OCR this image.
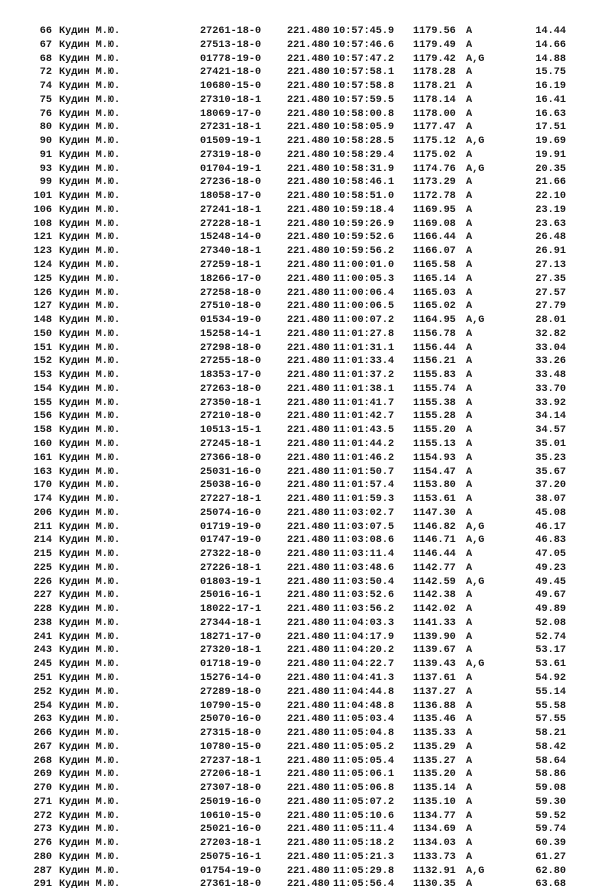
66 Кудин М.Ю.	27261-18-0	221.480 10:57:45.9 1179.56 A	14.44
67 Кудин М.Ю.	27513-18-0	221.480 10:57:46.6 1179.49 A	14.66
68 Кудин М.Ю.	01778-19-0	221.480 10:57:47.2 1179.42 A,G	14.88
72 Кудин М.Ю.	27421-18-0	221.480 10:57:58.1 1178.28 A	15.75
74 Кудин М.Ю.	10680-15-0	221.480 10:57:58.8 1178.21 A	16.19
75 Кудин М.Ю.	27310-18-1	221.480 10:57:59.5 1178.14 A	16.41
76 Кудин М.Ю.	18069-17-0	221.480 10:58:00.8 1178.00 A	16.63
80 Кудин М.Ю.	27231-18-1	221.480 10:58:05.9 1177.47 A	17.51
90 Кудин М.Ю.	01509-19-1	221.480 10:58:28.5 1175.12 A,G	19.69
91 Кудин М.Ю.	27319-18-0	221.480 10:58:29.4 1175.02 A	19.91
93 Кудин М.Ю.	01704-19-1	221.480 10:58:31.9 1174.76 A,G	20.35
99 Кудин М.Ю.	27236-18-0	221.480 10:58:46.1 1173.29 A	21.66
101 Кудин М.Ю.	18058-17-0	221.480 10:58:51.0 1172.78 A	22.10
106 Кудин М.Ю.	27241-18-1	221.480 10:59:18.4 1169.95 A	23.19
108 Кудин М.Ю.	27228-18-1	221.480 10:59:26.9 1169.08 A	23.63
121 Кудин М.Ю.	15248-14-0	221.480 10:59:52.6 1166.44 A	26.48
123 Кудин М.Ю.	27340-18-1	221.480 10:59:56.2 1166.07 A	26.91
124 Кудин М.Ю.	27259-18-1	221.480 11:00:01.0 1165.58 A	27.13
125 Кудин М.Ю.	18266-17-0	221.480 11:00:05.3 1165.14 A	27.35
126 Кудин М.Ю.	27258-18-0	221.480 11:00:06.4 1165.03 A	27.57
127 Кудин М.Ю.	27510-18-0	221.480 11:00:06.5 1165.02 A	27.79
148 Кудин М.Ю.	01534-19-0	221.480 11:00:07.2 1164.95 A,G	28.01
150 Кудин М.Ю.	15258-14-1	221.480 11:01:27.8 1156.78 A	32.82
151 Кудин М.Ю.	27298-18-0	221.480 11:01:31.1 1156.44 A	33.04
152 Кудин М.Ю.	27255-18-0	221.480 11:01:33.4 1156.21 A	33.26
153 Кудин М.Ю.	18353-17-0	221.480 11:01:37.2 1155.83 A	33.48
154 Кудин М.Ю.	27263-18-0	221.480 11:01:38.1 1155.74 A	33.70
155 Кудин М.Ю.	27350-18-1	221.480 11:01:41.7 1155.38 A	33.92
156 Кудин М.Ю.	27210-18-0	221.480 11:01:42.7 1155.28 A	34.14
158 Кудин М.Ю.	10513-15-1	221.480 11:01:43.5 1155.20 A	34.57
160 Кудин М.Ю.	27245-18-1	221.480 11:01:44.2 1155.13 A	35.01
161 Кудин М.Ю.	27366-18-0	221.480 11:01:46.2 1154.93 A	35.23
163 Кудин М.Ю.	25031-16-0	221.480 11:01:50.7 1154.47 A	35.67
170 Кудин М.Ю.	25038-16-0	221.480 11:01:57.4 1153.80 A	37.20
174 Кудин М.Ю.	27227-18-1	221.480 11:01:59.3 1153.61 A	38.07
206 Кудин М.Ю.	25074-16-0	221.480 11:03:02.7 1147.30 A	45.08
211 Кудин М.Ю.	01719-19-0	221.480 11:03:07.5 1146.82 A,G	46.17
214 Кудин М.Ю.	01747-19-0	221.480 11:03:08.6 1146.71 A,G	46.83
215 Кудин М.Ю.	27322-18-0	221.480 11:03:11.4 1146.44 A	47.05
225 Кудин М.Ю.	27226-18-1	221.480 11:03:48.6 1142.77 A	49.23
226 Кудин М.Ю.	01803-19-1	221.480 11:03:50.4 1142.59 A,G	49.45
227 Кудин М.Ю.	25016-16-1	221.480 11:03:52.6 1142.38 A	49.67
228 Кудин М.Ю.	18022-17-1	221.480 11:03:56.2 1142.02 A	49.89
238 Кудин М.Ю.	27344-18-1	221.480 11:04:03.3 1141.33 A	52.08
241 Кудин М.Ю.	18271-17-0	221.480 11:04:17.9 1139.90 A	52.74
243 Кудин М.Ю.	27320-18-1	221.480 11:04:20.2 1139.67 A	53.17
245 Кудин М.Ю.	01718-19-0	221.480 11:04:22.7 1139.43 A,G	53.61
251 Кудин М.Ю.	15276-14-0	221.480 11:04:41.3 1137.61 A	54.92
252 Кудин М.Ю.	27289-18-0	221.480 11:04:44.8 1137.27 A	55.14
254 Кудин М.Ю.	10790-15-0	221.480 11:04:48.8 1136.88 A	55.58
263 Кудин М.Ю.	25070-16-0	221.480 11:05:03.4 1135.46 A	57.55
266 Кудин М.Ю.	27315-18-0	221.480 11:05:04.8 1135.33 A	58.21
267 Кудин М.Ю.	10780-15-0	221.480 11:05:05.2 1135.29 A	58.42
268 Кудин М.Ю.	27237-18-1	221.480 11:05:05.4 1135.27 A	58.64
269 Кудин М.Ю.	27206-18-1	221.480 11:05:06.1 1135.20 A	58.86
270 Кудин М.Ю.	27307-18-0	221.480 11:05:06.8 1135.14 A	59.08
271 Кудин М.Ю.	25019-16-0	221.480 11:05:07.2 1135.10 A	59.30
272 Кудин М.Ю.	10610-15-0	221.480 11:05:10.6 1134.77 A	59.52
273 Кудин М.Ю.	25021-16-0	221.480 11:05:11.4 1134.69 A	59.74
276 Кудин М.Ю.	27203-18-1	221.480 11:05:18.2 1134.03 A	60.39
280 Кудин М.Ю.	25075-16-1	221.480 11:05:21.3 1133.73 A	61.27
287 Кудин М.Ю.	01754-19-0	221.480 11:05:29.8 1132.91 A,G	62.80
291 Кудин М.Ю.	27361-18-0	221.480 11:05:56.4 1130.35 A	63.68
